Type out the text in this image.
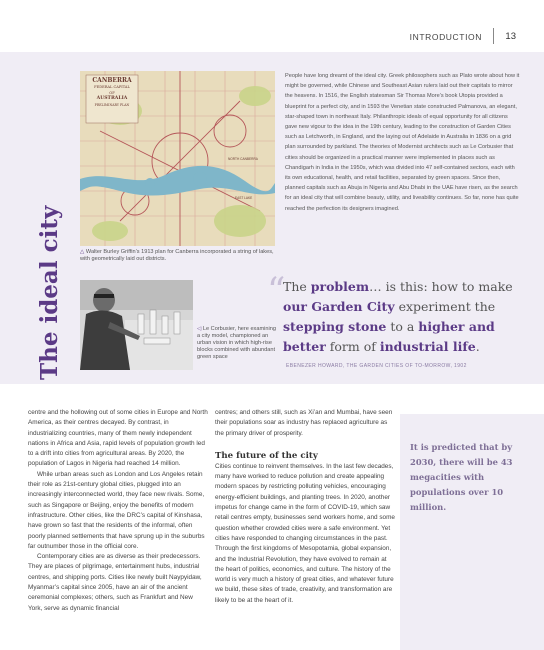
INTRODUCTION 13
The ideal city
CANBERRA
FEDERAL CAPITAL
OF
AUSTRALIA
PRELIMINARY PLAN
NORTH CANBERRA
EAST LAKE
△ Walter Burley Griffin’s 1913 plan for Canberra incorporated a string of lakes, with geometrically laid out districts.
◁ Le Corbusier, here examining a city model, championed an urban vision in which high-rise blocks combined with abundant green space

People have long dreamt of the ideal city. Greek philosophers such as Plato wrote about how it might be governed, while Chinese and Southeast Asian rulers laid out their capitals to mirror the heavens. In 1516, the English statesman Sir Thomas More’s book Utopia provided a blueprint for a perfect city, and in 1593 the Venetian state constructed Palmanova, an elegant, star-shaped town in northeast Italy. Philanthropic ideals of equal opportunity for all citizens gave new vigour to the idea in the 19th century, leading to the construction of Garden Cities such as Letchworth, in England, and the laying out of Adelaide in Australia in 1836 on a grid plan surrounded by parkland. The theories of Modernist architects such as Le Corbusier that cities should be organized in a practical manner were implemented in places such as Chandigarh in India in the 1950s, which was divided into 47 self-contained sectors, each with its own educational, health, and retail facilities, separated by green spaces. Since then, planned capitals such as Abuja in Nigeria and Abu Dhabi in the UAE have risen, as the search for an ideal city that will combine beauty, utility, and liveability continues. So far, none has quite reached the perfection its designers imagined.

“
The problem… is this: how to make our Garden City experiment the stepping stone to a higher and better form of industrial life.
EBENEZER HOWARD, THE GARDEN CITIES OF TO-MORROW, 1902

centre and the hollowing out of some cities in Europe and North America, as their centres decayed. By contrast, in industrializing countries, many of them newly independent nations in Africa and Asia, rapid levels of population growth led to a drift into cities from agricultural areas. By 2020, the population of Lagos in Nigeria had reached 14 million.

While urban areas such as London and Los Angeles retain their role as 21st-century global cities, plugged into an increasingly interconnected world, they face new rivals. Some, such as Singapore or Beijing, enjoy the benefits of modern infrastructure. Other cities, like the DRC’s capital of Kinshasa, have grown so fast that the residents of the informal, often poorly planned settlements that have sprung up in the suburbs far outnumber those in the official core.

Contemporary cities are as diverse as their predecessors. They are places of pilgrimage, entertainment hubs, industrial centres, and shipping ports. Cities like newly built Naypyidaw, Myanmar’s capital since 2005, have an air of the ancient ceremonial complexes; others, such as Frankfurt and New York, serve as dynamic financial

centres; and others still, such as Xi’an and Mumbai, have seen their populations soar as industry has replaced agriculture as the primary driver of prosperity.

The future of the city

Cities continue to reinvent themselves. In the last few decades, many have worked to reduce pollution and create appealing modern spaces by restricting polluting vehicles, encouraging energy-efficient buildings, and planting trees. In 2020, another impetus for change came in the form of COVID-19, which saw retail centres empty, businesses send workers home, and some question whether crowded cities were a safe environment. Yet cities have responded to changing circumstances in the past. Through the first kingdoms of Mesopotamia, global expansion, and the Industrial Revolution, they have evolved to remain at the heart of politics, economics, and culture. The history of the world is very much a history of great cities, and whatever future we build, these sites of trade, creativity, and transformation are likely to be at the heart of it.

It is predicted that by 2030, there will be 43 megacities with populations over 10 million.
